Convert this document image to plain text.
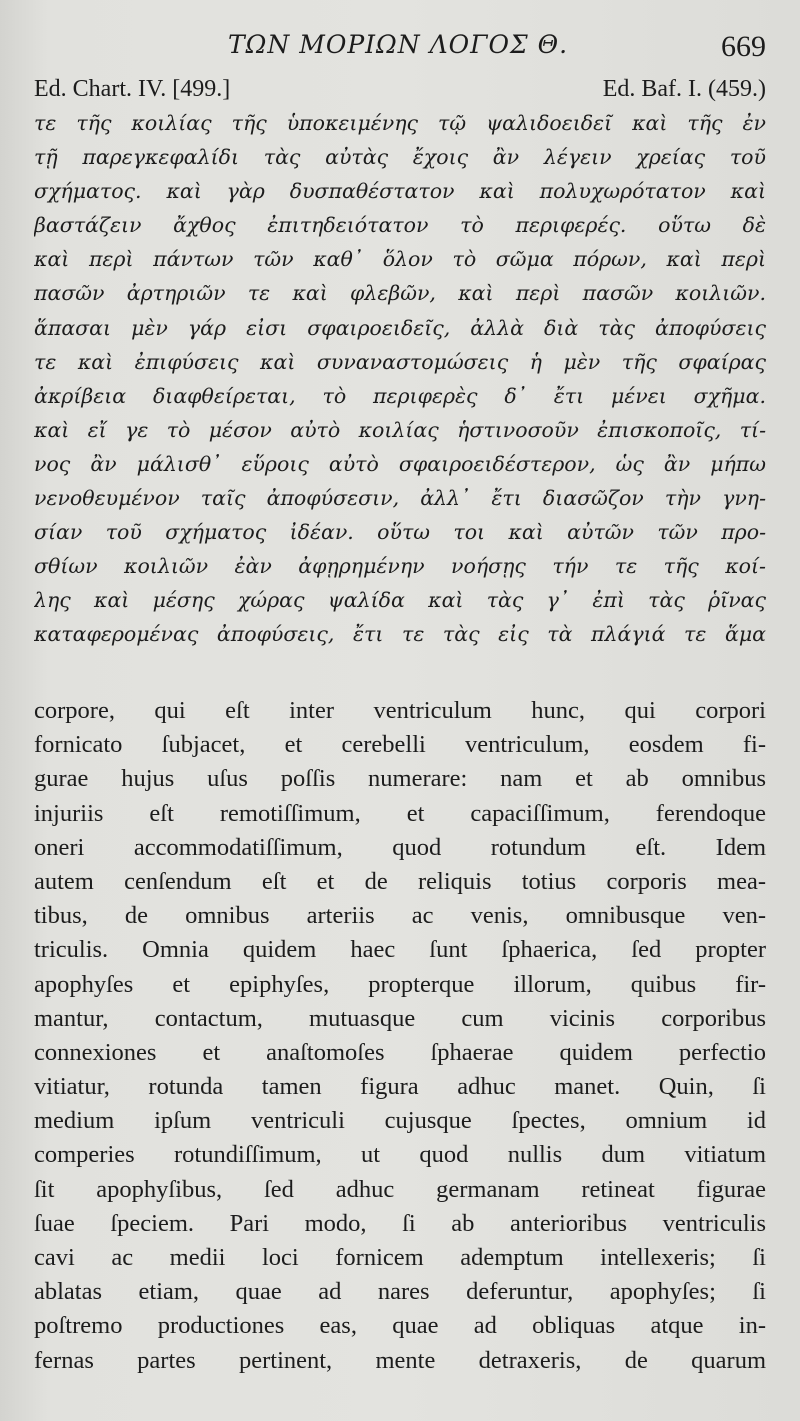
ΤΩΝ ΜΟΡΙΩΝ ΛΟΓΟΣ Θ.	669
Ed. Chart. IV. [499.]	Ed. Baf. I. (459.)
τε τῆς κοιλίας τῆς ὑποκειμένης τῷ ψαλιδοειδεῖ καὶ τῆς ἐν
τῇ παρεγκεφαλίδι τὰς αὐτὰς ἔχοις ἂν λέγειν χρείας τοῦ
σχήματος. καὶ γὰρ δυσπαθέστατον καὶ πολυχωρότατον καὶ
βαστάζειν ἄχθος ἐπιτηδειότατον τὸ περιφερές. οὕτω δὲ
καὶ περὶ πάντων τῶν καθ᾽ ὅλον τὸ σῶμα πόρων, καὶ περὶ
πασῶν ἀρτηριῶν τε καὶ φλεβῶν, καὶ περὶ πασῶν κοιλιῶν.
ἅπασαι μὲν γάρ εἰσι σφαιροειδεῖς, ἀλλὰ διὰ τὰς ἀποφύσεις
τε καὶ ἐπιφύσεις καὶ συναναστομώσεις ἡ μὲν τῆς σφαίρας
ἀκρίβεια διαφθείρεται, τὸ περιφερὲς δ᾽ ἔτι μένει σχῆμα.
καὶ εἴ γε τὸ μέσον αὐτὸ κοιλίας ἡστινοσοῦν ἐπισκοποῖς, τί-
νος ἂν μάλισθ᾽ εὕροις αὐτὸ σφαιροειδέστερον, ὡς ἂν μήπω
νενοθευμένον ταῖς ἀποφύσεσιν, ἀλλ᾽ ἔτι διασῶζον τὴν γνη-
σίαν τοῦ σχήματος ἰδέαν. οὕτω τοι καὶ αὐτῶν τῶν προ-
σθίων κοιλιῶν ἐὰν ἀφῃρημένην νοήσῃς τήν τε τῆς κοί-
λης καὶ μέσης χώρας ψαλίδα καὶ τὰς γ᾽ ἐπὶ τὰς ῥῖνας
καταφερομένας ἀποφύσεις, ἔτι τε τὰς εἰς τὰ πλάγιά τε ἅμα
corpore, qui eſt inter ventriculum hunc, qui corpori
fornicato ſubjacet, et cerebelli ventriculum, eosdem fi-
gurae hujus uſus poſſis numerare: nam et ab omnibus
injuriis eſt remotiſſimum, et capaciſſimum, ferendoque
oneri accommodatiſſimum, quod rotundum eſt. Idem
autem cenſendum eſt et de reliquis totius corporis mea-
tibus, de omnibus arteriis ac venis, omnibusque ven-
triculis. Omnia quidem haec ſunt ſphaerica, ſed propter
apophyſes et epiphyſes, propterque illorum, quibus fir-
mantur, contactum, mutuasque cum vicinis corporibus
connexiones et anaſtomoſes ſphaerae quidem perfectio
vitiatur, rotunda tamen figura adhuc manet. Quin, ſi
medium ipſum ventriculi cujusque ſpectes, omnium id
comperies rotundiſſimum, ut quod nullis dum vitiatum
ſit apophyſibus, ſed adhuc germanam retineat figurae
ſuae ſpeciem. Pari modo, ſi ab anterioribus ventriculis
cavi ac medii loci fornicem ademptum intellexeris; ſi
ablatas etiam, quae ad nares deferuntur, apophyſes; ſi
poſtremo productiones eas, quae ad obliquas atque in-
fernas partes pertinent, mente detraxeris, de quarum
